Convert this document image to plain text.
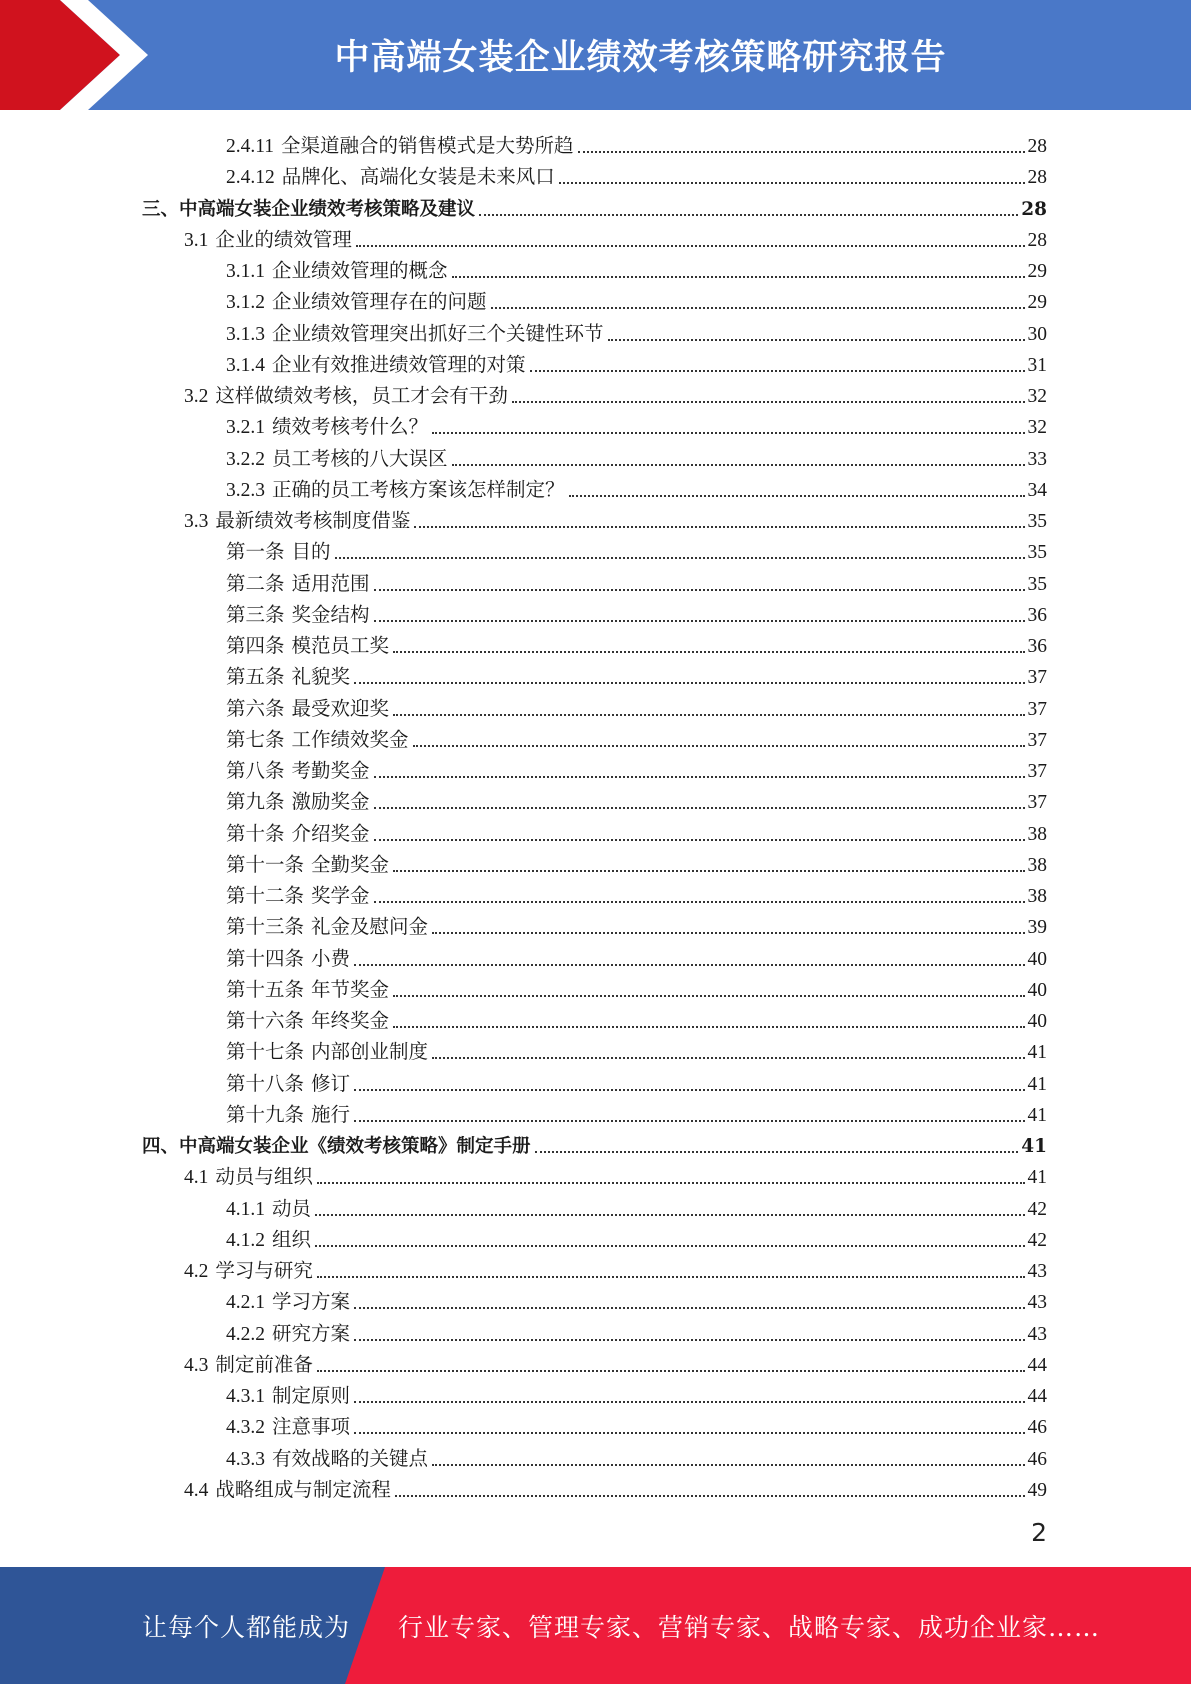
中高端女装企业绩效考核策略研究报告
2.4.11 全渠道融合的销售模式是大势所趋	28
2.4.12 品牌化、高端化女装是未来风口	28
三、中高端女装企业绩效考核策略及建议	28
3.1 企业的绩效管理	28
3.1.1 企业绩效管理的概念	29
3.1.2 企业绩效管理存在的问题	29
3.1.3 企业绩效管理突出抓好三个关键性环节	30
3.1.4 企业有效推进绩效管理的对策	31
3.2 这样做绩效考核，员工才会有干劲	32
3.2.1 绩效考核考什么？	32
3.2.2 员工考核的八大误区	33
3.2.3 正确的员工考核方案该怎样制定？	34
3.3 最新绩效考核制度借鉴	35
第一条 目的	35
第二条 适用范围	35
第三条 奖金结构	36
第四条 模范员工奖	36
第五条 礼貌奖	37
第六条 最受欢迎奖	37
第七条 工作绩效奖金	37
第八条 考勤奖金	37
第九条 激励奖金	37
第十条 介绍奖金	38
第十一条 全勤奖金	38
第十二条 奖学金	38
第十三条 礼金及慰问金	39
第十四条 小费	40
第十五条 年节奖金	40
第十六条 年终奖金	40
第十七条 内部创业制度	41
第十八条 修订	41
第十九条 施行	41
四、中高端女装企业《绩效考核策略》制定手册	41
4.1 动员与组织	41
4.1.1 动员	42
4.1.2 组织	42
4.2 学习与研究	43
4.2.1 学习方案	43
4.2.2 研究方案	43
4.3 制定前准备	44
4.3.1 制定原则	44
4.3.2 注意事项	46
4.3.3 有效战略的关键点	46
4.4 战略组成与制定流程	49
2
让每个人都能成为 行业专家、管理专家、营销专家、战略专家、成功企业家……
